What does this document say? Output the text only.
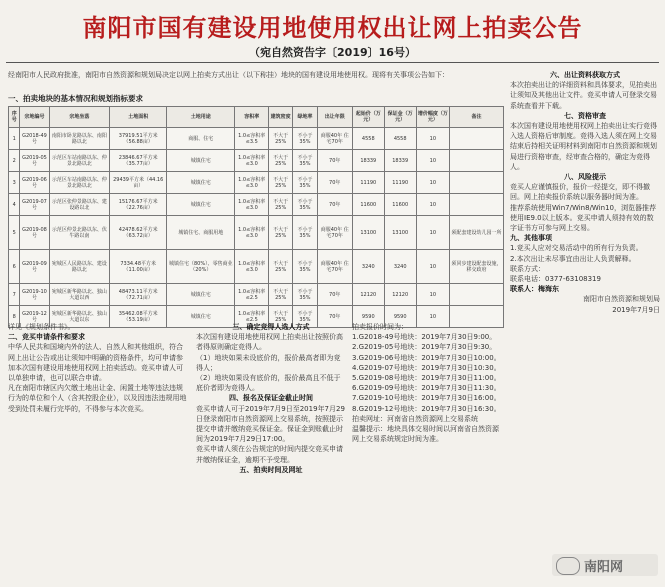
南阳市国有建设用地使用权出让网上拍卖公告
（宛自然资告字〔2019〕16号）
经南阳市人民政府批准，南阳市自然资源和规划局决定以网上拍卖方式出让（以下称挂）地块的国有建设用地使用权。现将有关事项公告如下：
一、拍卖地块的基本情况和规划指标要求
序号	宗地编号	宗地坐落	土地面积	土地用途	容积率	建筑密度	绿地率	出让年限	起始价（万元）	保证金（万元）	增价幅度（万元）	备注
1	G2018-49号	南阳市卧龙路以东、南阳路以北	37919.51平方米（56.88亩）	商服、住宅	1.0≤容积率≤3.5	不大于25%	不小于35%	商服40年 住宅70年	4558	4558	10	
2	G2019-05号	示范区车站南路以东、仲景北路以北	23846.67平方米（35.77亩）	城镇住宅	1.0≤容积率≤3.0	不大于25%	不小于35%	70年	18339	18339	10	
3	G2019-06号	示范区车站南路以东、仲景北路以北	29439平方米（44.16亩）	城镇住宅	1.0≤容积率≤3.0	不大于25%	不小于35%	70年	11190	11190	10	
4	G2019-07号	示范区张仲景路以东、建设路以北	15176.67平方米（22.76亩）	城镇住宅	1.0≤容积率≤3.0	不大于25%	不小于35%	70年	11600	11600	10	
5	G2019-08号	示范区仲景北路以东、伏牛路以南	42478.62平方米（63.72亩）	城镇住宅、商服用地	1.0≤容积率≤3.0	不大于25%	不小于35%	商服40年 住宅70年	13100	13100	10	须配套建设幼儿园一所
6	G2019-09号	宛城区人民路以东、建设路以北	7334.48平方米（11.00亩）	城镇住宅（80%）、零售商业（20%）	1.0≤容积率≤3.0	不大于25%	不小于35%	商服40年 住宅70年	3240	3240	10	须同步建设配套设施，移交政府
7	G2019-10号	宛城区新华路以北、独山大道以西	48473.11平方米（72.71亩）	城镇住宅	1.0≤容积率≤2.5	不大于25%	不小于35%	70年	12120	12120	10	
8	G2019-12号	宛城区新华路以北、独山大道以东	35462.08平方米（53.19亩）	城镇住宅	1.0≤容积率≤2.5	不大于25%	不小于35%	70年	9590	9590	10	

详见《规划条件书》。

二、竞买申请条件和要求

中华人民共和国境内外的法人、自然人和其他组织，符合网上出让公告或出让须知中明确的资格条件，均可申请参加本次国有建设用地使用权网上拍卖活动。竞买申请人可以单独申请，也可以联合申请。

凡在南阳市辖区内欠缴土地出让金、闲置土地等违法违规行为的单位和个人（含其控股企业），以及因违法违规用地受到处罚未履行完毕的，不得参与本次竞买。

三、确定竞得人选人方式

本次国有建设用地使用权网上拍卖出让按照价高者得原则确定竞得人。

（1）地块如果未设底价的，报价最高者即为竞得人；

（2）地块如果设有底价的，报价最高且不低于底价者即为竞得人。

四、报名及保证金截止时间

竞买申请人可于2019年7月9日至2019年7月29日登录南阳市自然资源网上交易系统，按照提示提交申请并缴纳竞买保证金。保证金到账截止时间为2019年7月29日17:00。

竞买申请人须在公告规定的时间内提交竞买申请并缴纳保证金，逾期不予受理。

五、拍卖时间及网址

拍卖报价时间为：

1.G2018-49号地块：2019年7月30日9:00。

2.G2019-05号地块：2019年7月30日9:30。

3.G2019-06号地块：2019年7月30日10:00。

4.G2019-07号地块：2019年7月30日10:30。

5.G2019-08号地块：2019年7月30日11:00。

6.G2019-09号地块：2019年7月30日11:30。

7.G2019-10号地块：2019年7月30日16:00。

8.G2019-12号地块：2019年7月30日16:30。

拍卖网址：河南省自然资源网上交易系统

温馨提示：地块具体交易时间以河南省自然资源网上交易系统规定时间为准。

六、出让资料获取方式

本次拍卖出让的详细资料和具体要求，见拍卖出让须知及其他出让文件。竞买申请人可登录交易系统查看并下载。

七、资格审查

本次国有建设用地使用权网上拍卖出让实行竞得入选人资格后审制度。竞得入选人须在网上交易结束后持相关证明材料到南阳市自然资源和规划局进行资格审查，经审查合格的，确定为竞得人。

八、风险提示

竞买人应谨慎报价，报价一经提交，即不得撤回。网上拍卖报价系统以服务器时间为准。

推荐系统使用Win7/Win8/Win10，浏览器推荐使用IE9.0以上版本。竞买申请人须持有效的数字证书方可参与网上交易。

九、其他事项

1.竞买人应对交易活动中的所有行为负责。

2.本次出让未尽事宜由出让人负责解释。

联系方式：

联系电话：0377-63108319

联系人：梅海东

南阳市自然资源和规划局

2019年7月9日

南阳网
